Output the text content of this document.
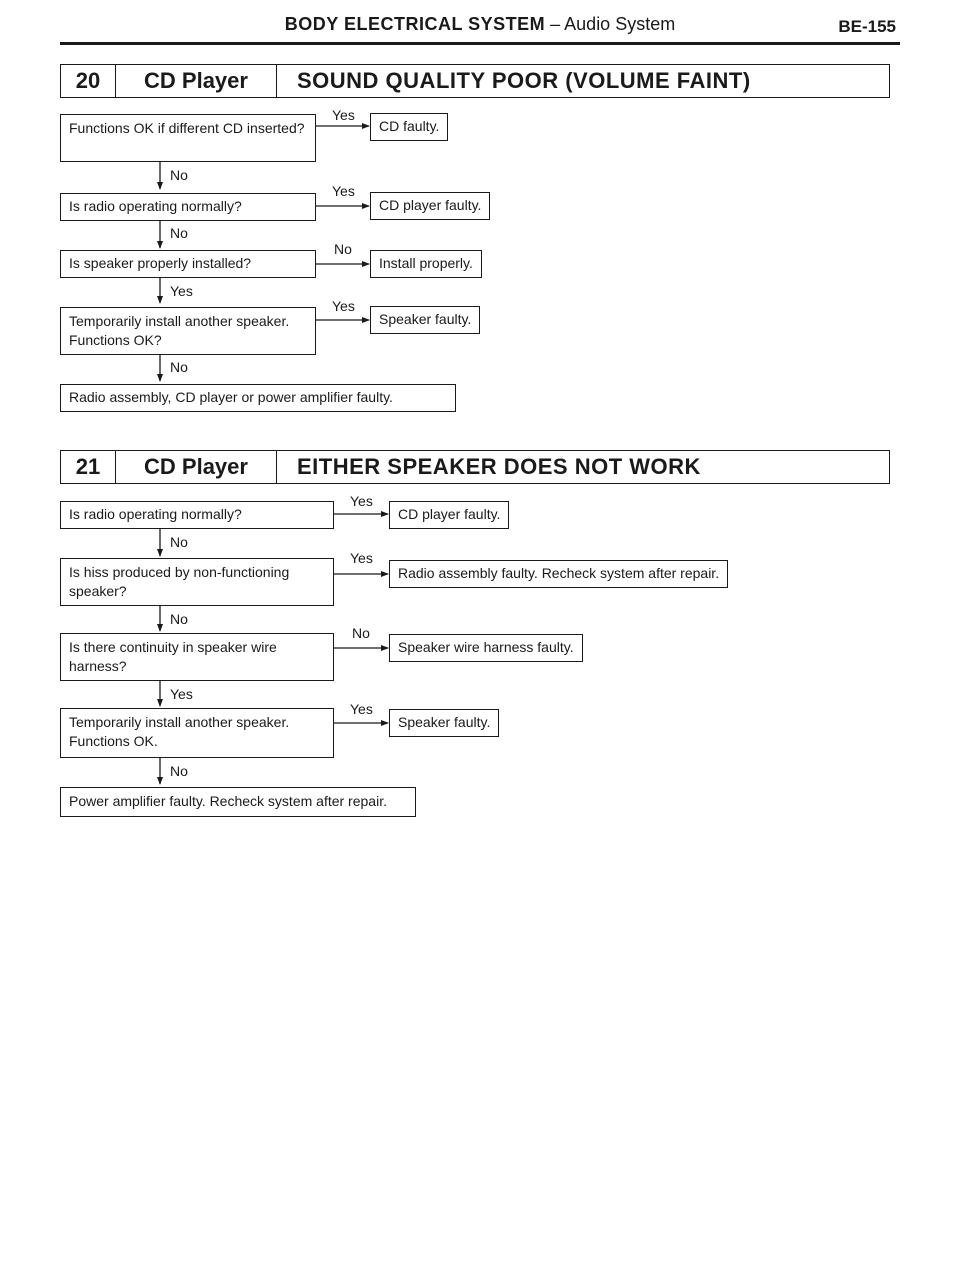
BODY ELECTRICAL SYSTEM – Audio System	BE-155
20	CD Player	SOUND QUALITY POOR (VOLUME FAINT)
Functions OK if different CD inserted?
Yes
CD faulty.
No
Is radio operating normally?
Yes
CD player faulty.
No
Is speaker properly installed?
No
Install properly.
Yes
Temporarily install another speaker. Functions OK?
Yes
Speaker faulty.
No
Radio assembly, CD player or power amplifier faulty.
21	CD Player	EITHER SPEAKER DOES NOT WORK
Is radio operating normally?
Yes
CD player faulty.
No
Is hiss produced by non-functioning speaker?
Yes
Radio assembly faulty. Recheck system after repair.
No
Is there continuity in speaker wire harness?
No
Speaker wire harness faulty.
Yes
Temporarily install another speaker. Functions OK.
Yes
Speaker faulty.
No
Power amplifier faulty. Recheck system after repair.
